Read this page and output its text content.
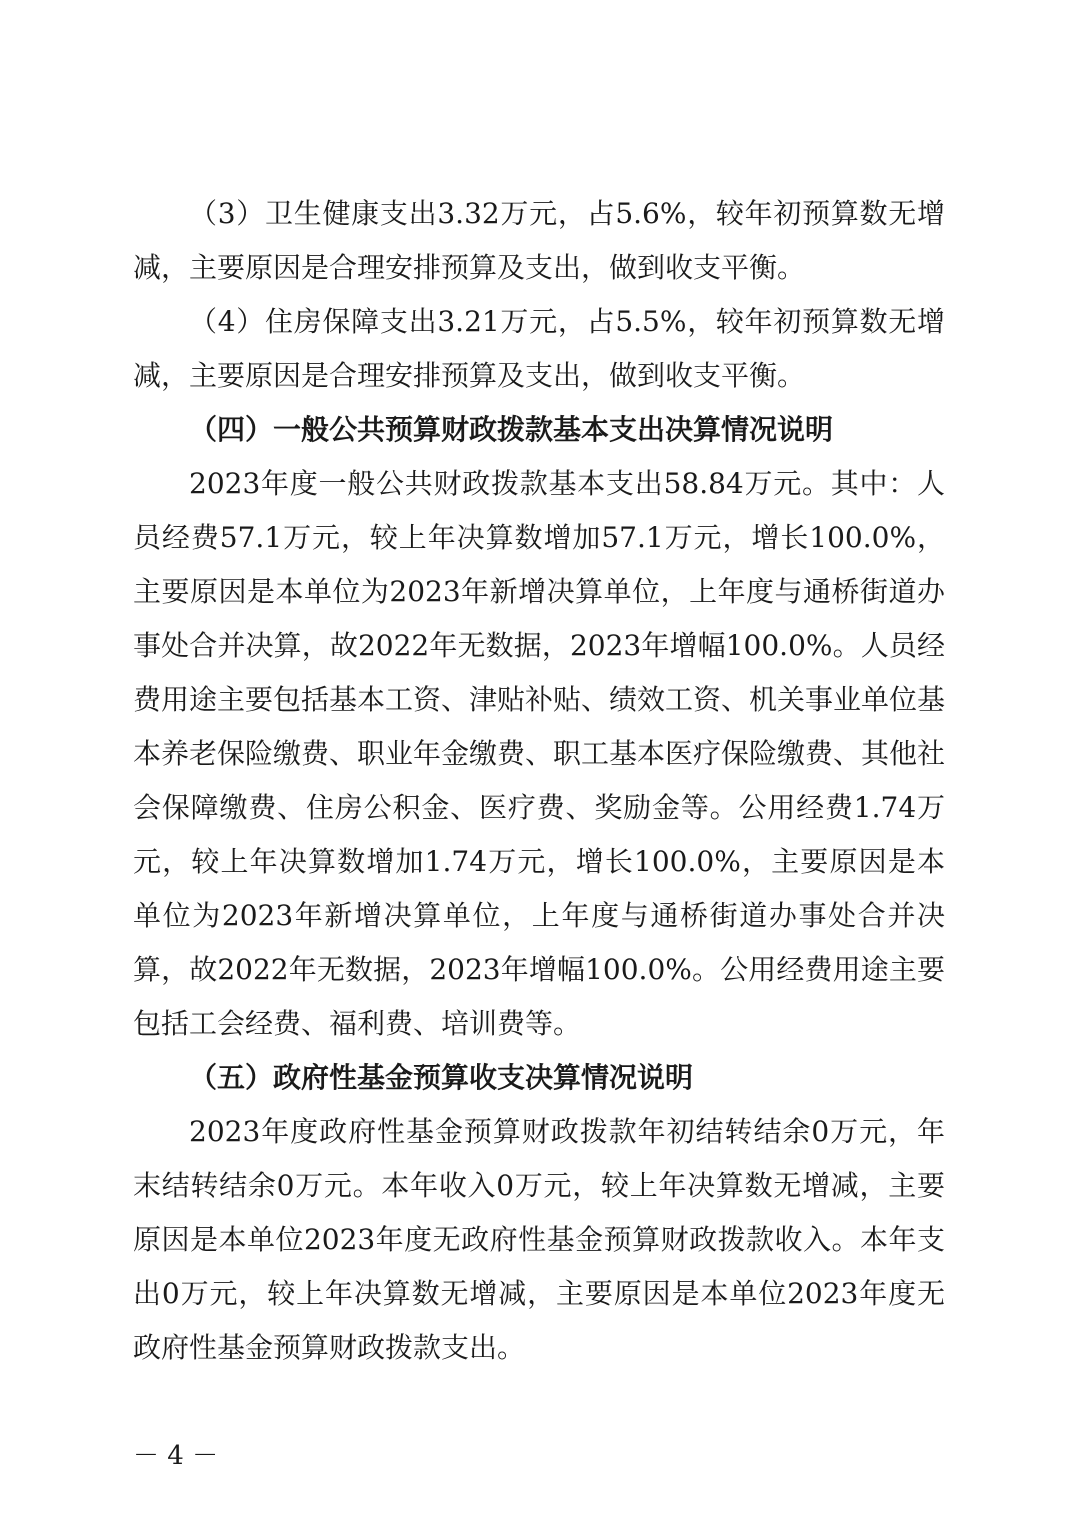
（3）卫生健康支出3.32万元，占5.6%，较年初预算数无增减，主要原因是合理安排预算及支出，做到收支平衡。

（4）住房保障支出3.21万元，占5.5%，较年初预算数无增减，主要原因是合理安排预算及支出，做到收支平衡。

（四）一般公共预算财政拨款基本支出决算情况说明

2023年度一般公共财政拨款基本支出58.84万元。其中：人员经费57.1万元，较上年决算数增加57.1万元，增长100.0%，主要原因是本单位为2023年新增决算单位，上年度与通桥街道办事处合并决算，故2022年无数据，2023年增幅100.0%。人员经费用途主要包括基本工资、津贴补贴、绩效工资、机关事业单位基本养老保险缴费、职业年金缴费、职工基本医疗保险缴费、其他社会保障缴费、住房公积金、医疗费、奖励金等。公用经费1.74万元，较上年决算数增加1.74万元，增长100.0%，主要原因是本单位为2023年新增决算单位，上年度与通桥街道办事处合并决算，故2022年无数据，2023年增幅100.0%。公用经费用途主要包括工会经费、福利费、培训费等。

（五）政府性基金预算收支决算情况说明

2023年度政府性基金预算财政拨款年初结转结余0万元，年末结转结余0万元。本年收入0万元，较上年决算数无增减，主要原因是本单位2023年度无政府性基金预算财政拨款收入。本年支出0万元，较上年决算数无增减，主要原因是本单位2023年度无政府性基金预算财政拨款支出。

－ 4 －
